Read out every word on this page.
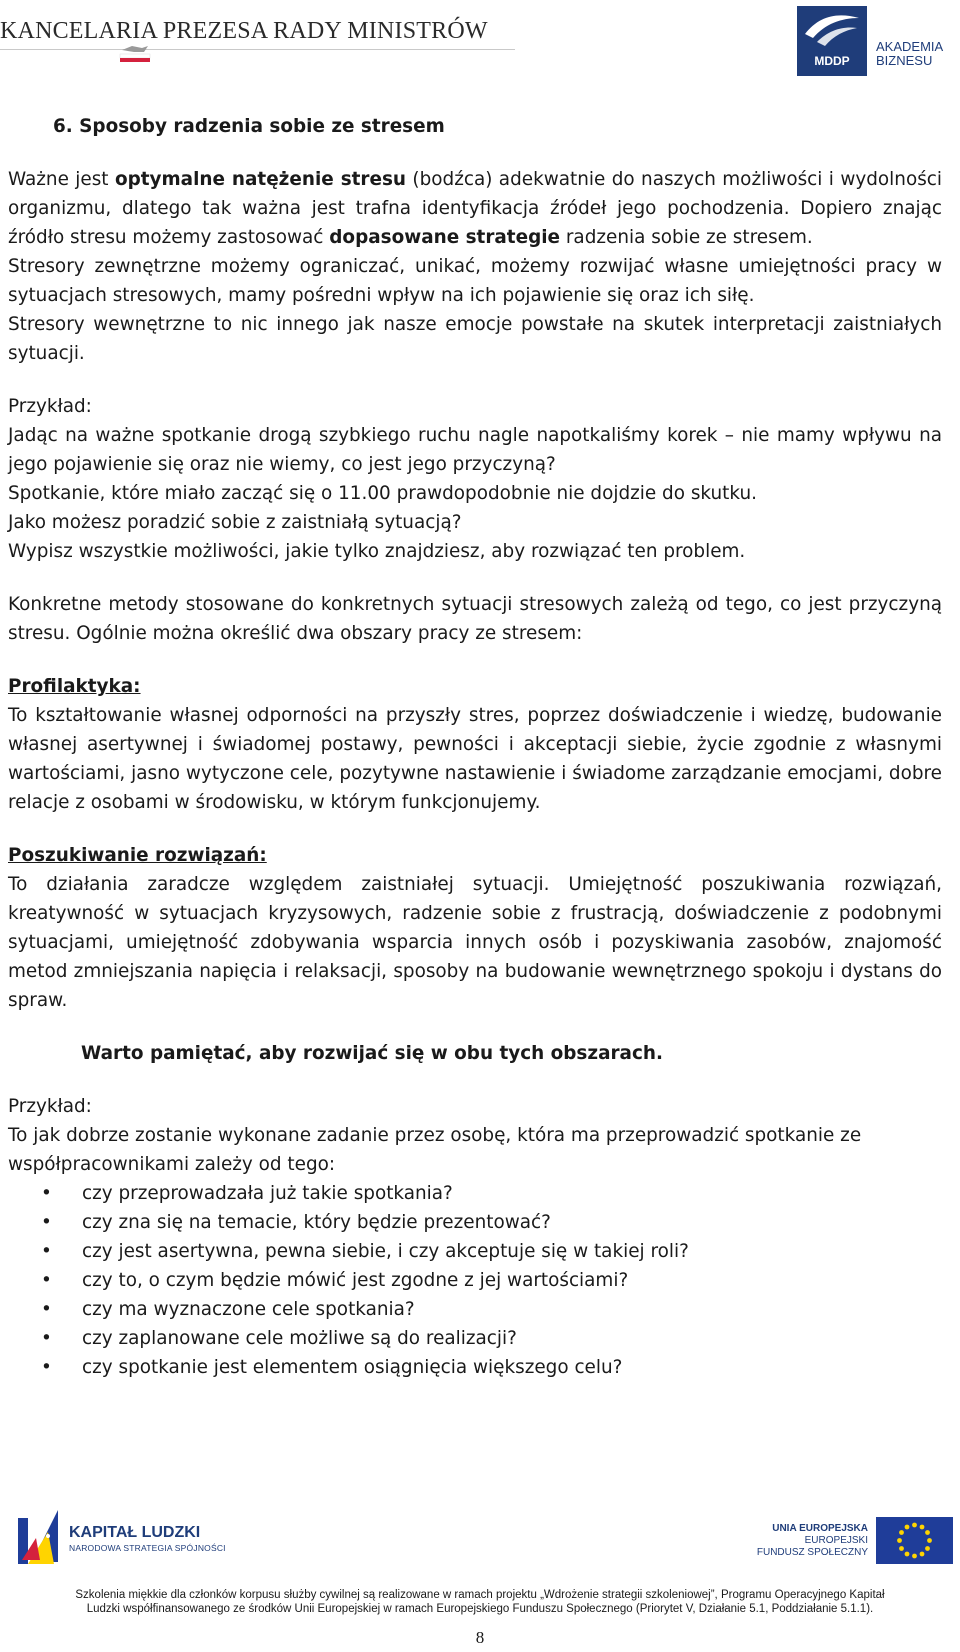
KANCELARIA PREZESA RADY MINISTRÓW
MDDP
AKADEMIA
BIZNESU

6. Sposoby radzenia sobie ze stresem

Ważne jest optymalne natężenie stresu (bodźca) adekwatnie do naszych możliwości i wydolności organizmu, dlatego tak ważna jest trafna identyfikacja źródeł jego pochodzenia. Dopiero znając źródło stresu możemy zastosować dopasowane strategie radzenia sobie ze stresem.

Stresory zewnętrzne możemy ograniczać, unikać, możemy rozwijać własne umiejętności pracy w sytuacjach stresowych, mamy pośredni wpływ na ich pojawienie się oraz ich siłę.

Stresory wewnętrzne to nic innego jak nasze emocje powstałe na skutek interpretacji zaistniałych sytuacji.

Przykład:

Jadąc na ważne spotkanie drogą szybkiego ruchu nagle napotkaliśmy korek – nie mamy wpływu na jego pojawienie się oraz nie wiemy, co jest jego przyczyną?

Spotkanie, które miało zacząć się o 11.00 prawdopodobnie nie dojdzie do skutku.

Jako możesz poradzić sobie z zaistniałą sytuacją?

Wypisz wszystkie możliwości, jakie tylko znajdziesz, aby rozwiązać ten problem.

Konkretne metody stosowane do konkretnych sytuacji stresowych zależą od tego, co jest przyczyną stresu. Ogólnie można określić dwa obszary pracy ze stresem:

Profilaktyka:

To kształtowanie własnej odporności na przyszły stres, poprzez doświadczenie i wiedzę, budowanie własnej asertywnej i świadomej postawy, pewności i akceptacji siebie, życie zgodnie z własnymi wartościami, jasno wytyczone cele, pozytywne nastawienie i świadome zarządzanie emocjami, dobre relacje z osobami w środowisku, w którym funkcjonujemy.

Poszukiwanie rozwiązań:

To działania zaradcze względem zaistniałej sytuacji. Umiejętność poszukiwania rozwiązań, kreatywność w sytuacjach kryzysowych, radzenie sobie z frustracją, doświadczenie z podobnymi sytuacjami, umiejętność zdobywania wsparcia innych osób i pozyskiwania zasobów, znajomość metod zmniejszania napięcia i relaksacji, sposoby na budowanie wewnętrznego spokoju i dystans do spraw.

Warto pamiętać, aby rozwijać się w obu tych obszarach.

Przykład:

To jak dobrze zostanie wykonane zadanie przez osobę, która ma przeprowadzić spotkanie ze współpracownikami zależy od tego:

• czy przeprowadzała już takie spotkania?
• czy zna się na temacie, który będzie prezentować?
• czy jest asertywna, pewna siebie, i czy akceptuje się w takiej roli?
• czy to, o czym będzie mówić jest zgodne z jej wartościami?
• czy ma wyznaczone cele spotkania?
• czy zaplanowane cele możliwe są do realizacji?
• czy spotkanie jest elementem osiągnięcia większego celu?
KAPITAŁ LUDZKI
NARODOWA STRATEGIA SPÓJNOŚCI
UNIA EUROPEJSKA
EUROPEJSKI
FUNDUSZ SPOŁECZNY
Szkolenia miękkie dla członków korpusu służby cywilnej są realizowane w ramach projektu „Wdrożenie strategii szkoleniowej”, Programu Operacyjnego Kapitał
Ludzki współfinansowanego ze środków Unii Europejskiej w ramach Europejskiego Funduszu Społecznego (Priorytet V, Działanie 5.1, Poddziałanie 5.1.1).
8
